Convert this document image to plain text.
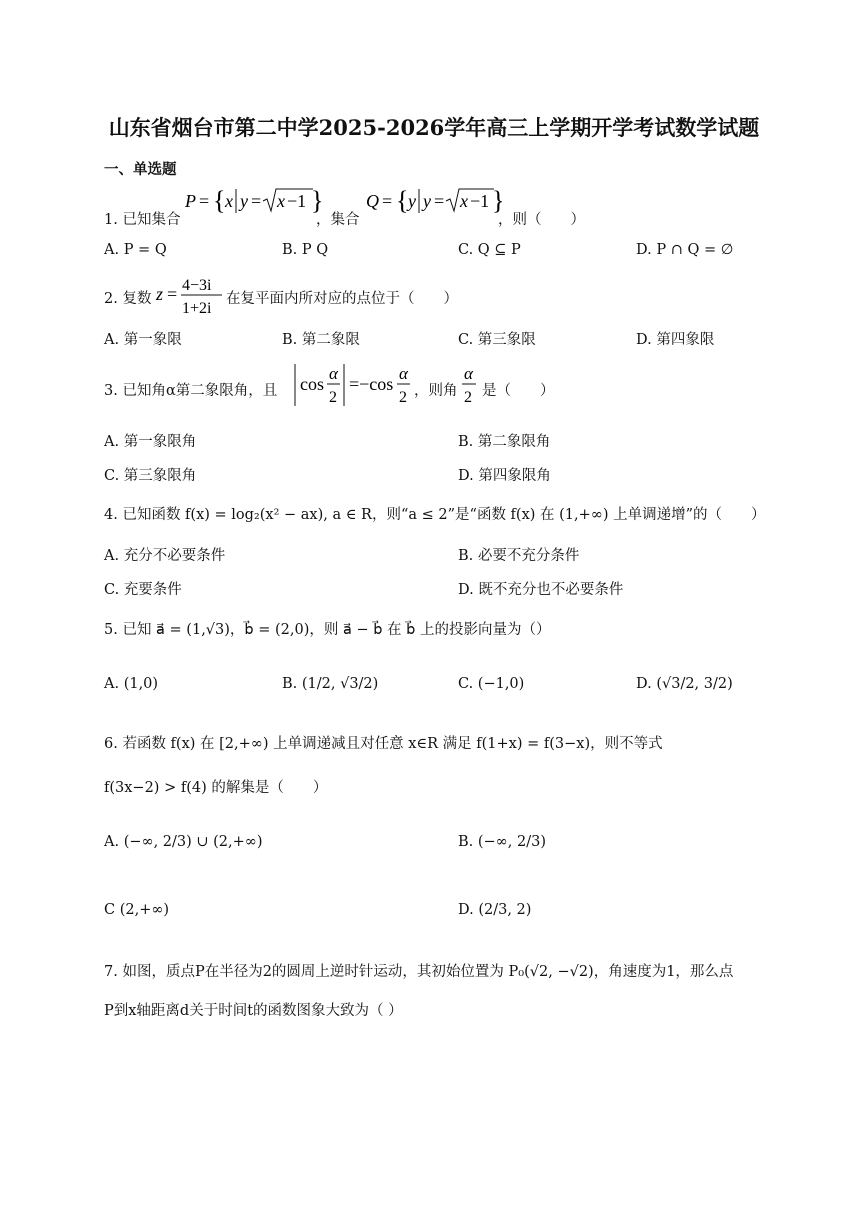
山东省烟台市第二中学2025-2026学年高三上学期开学考试数学试题
一、单选题
1. 已知集合
P = { x y = x −1 }
，集合
Q = { y y = x −1 }
，则（　　）
A. P = Q	B. P Q	C. Q ⊆ P	D. P ∩ Q = ∅
2. 复数 z = 4−3i
1+2i
在复平面内所对应的点位于（　　）
A. 第一象限	B. 第二象限	C. 第三象限	D. 第四象限
3. 已知角α第二象限角，且 cos
α
2
=−cos
α
2 ，则角
α
2 是（　　）
A. 第一象限角	B. 第二象限角
C. 第三象限角	D. 第四象限角
4. 已知函数 f(x) = log₂(x² − ax), a ∈ R，则“a ≤ 2”是“函数 f(x) 在 (1,+∞) 上单调递增”的（　　）
A. 充分不必要条件	B. 必要不充分条件
C. 充要条件	D. 既不充分也不必要条件
5. 已知 a⃗ = (1,√3)，b⃗ = (2,0)，则 a⃗ − b⃗ 在 b⃗ 上的投影向量为（）
A. (1,0)	B. (1/2, √3/2)	C. (−1,0)	D. (√3/2, 3/2)
6. 若函数 f(x) 在 [2,+∞) 上单调递减且对任意 x∈R 满足 f(1+x) = f(3−x)，则不等式
f(3x−2) > f(4) 的解集是（　　）
A. (−∞, 2/3) ∪ (2,+∞)	B. (−∞, 2/3)
C (2,+∞)	D. (2/3, 2)
7. 如图，质点P在半径为2的圆周上逆时针运动，其初始位置为 P₀(√2, −√2)，角速度为1，那么点
P到x轴距离d关于时间t的函数图象大致为（ ）
